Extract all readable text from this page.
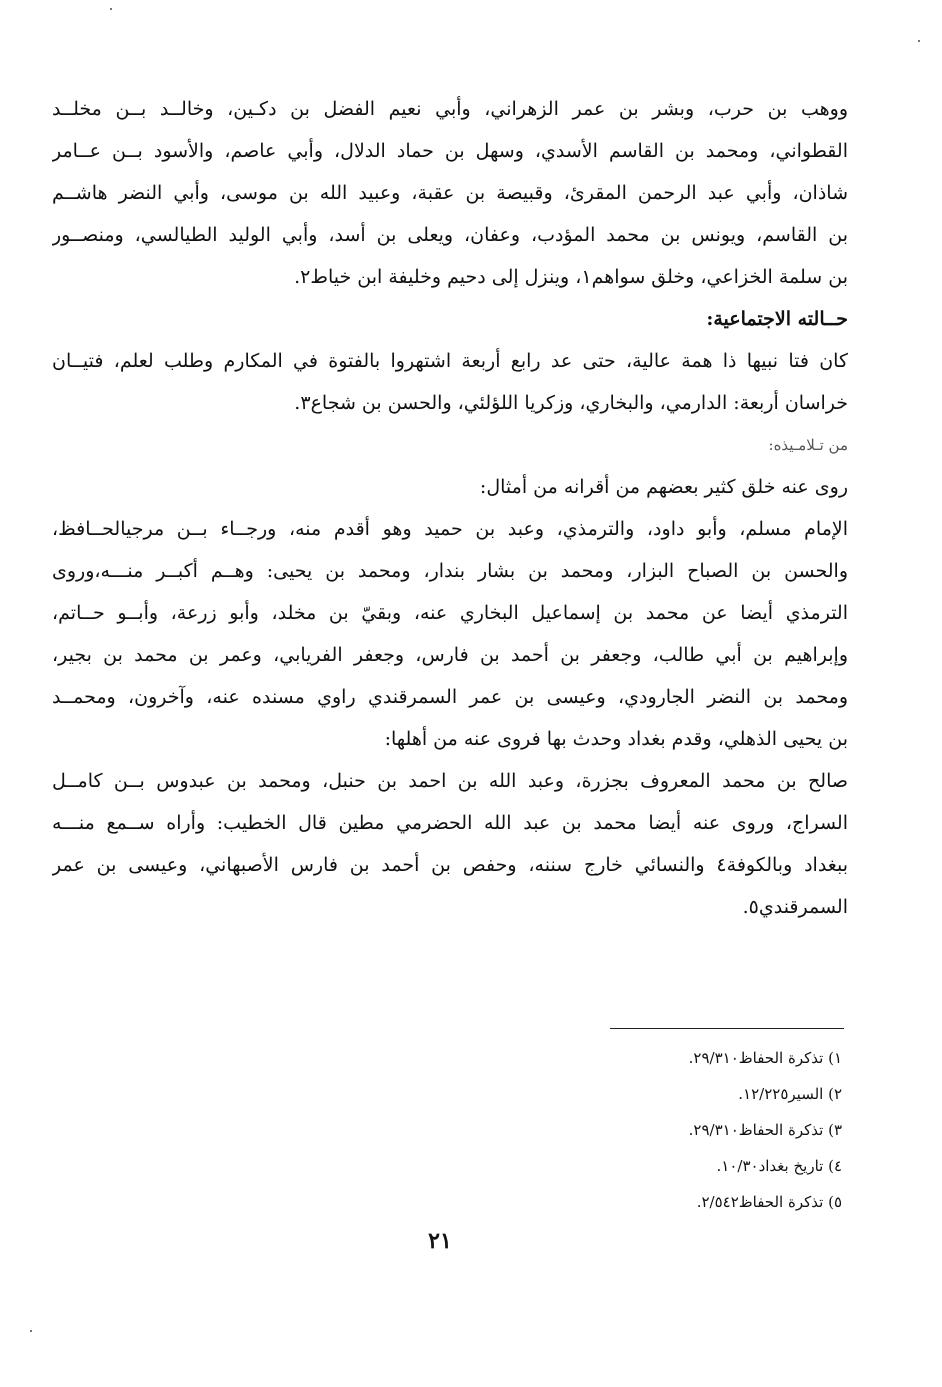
ووهب بن حرب، وبشر بن عمر الزهراني، وأبي نعيم الفضل بن دكـين، وخالــد بــن مخلــد
القطواني، ومحمد بن القاسم الأسدي، وسهل بن حماد الدلال، وأبي عاصم، والأسود بــن عــامر
شاذان، وأبي عبد الرحمن المقرئ، وقبيصة بن عقبة، وعبيد الله بن موسى، وأبي النضر هاشــم
بن القاسم، ويونس بن محمد المؤدب، وعفان، ويعلى بن أسد، وأبي الوليد الطيالسي، ومنصــور
بن سلمة الخزاعي، وخلق سواهم١، وينزل إلى دحيم وخليفة ابن خياط٢.
حــالته الاجتماعية:
كان فتا نبيها ذا همة عالية، حتى عد رابع أربعة اشتهروا بالفتوة في المكارم وطلب لعلم، فتيــان
خراسان أربعة: الدارمي، والبخاري، وزكريا اللؤلئي، والحسن بن شجاع٣.
من تـلامـيذه:
روى عنه خلق كثير بعضهم من أقرانه من أمثال:
الإمام مسلم، وأبو داود، والترمذي، وعبد بن حميد وهو أقدم منه، ورجــاء بــن مرجيالحــافظ،
والحسن بن الصباح البزار، ومحمد بن بشار بندار، ومحمد بن يحيى: وهــم أكبــر منـــه،وروى
الترمذي أيضا عن محمد بن إسماعيل البخاري عنه، وبقيّ بن مخلد، وأبو زرعة، وأبــو حــاتم،
وإبراهيم بن أبي طالب، وجعفر بن أحمد بن فارس، وجعفر الفريابي، وعمر بن محمد بن بجير،
ومحمد بن النضر الجارودي، وعيسى بن عمر السمرقندي راوي مسنده عنه، وآخرون، ومحمــد
بن يحيى الذهلي، وقدم بغداد وحدث بها فروى عنه من أهلها:
صالح بن محمد المعروف بجزرة، وعبد الله بن احمد بن حنبل، ومحمد بن عبدوس بــن كامــل
السراج، وروى عنه أيضا محمد بن عبد الله الحضرمي مطين قال الخطيب: وأراه ســمع منـــه
ببغداد وبالكوفة٤ والنسائي خارج سننه، وحفص بن أحمد بن فارس الأصبهاني، وعيسى بن عمر
السمرقندي٥.
١) تذكرة الحفاظ٢٩/٣١٠.
٢) السير١٢/٢٢٥.
٣) تذكرة الحفاظ٢٩/٣١٠.
٤) تاريخ بغداد١٠/٣٠.
٥) تذكرة الحفاظ٢/٥٤٢.
٢١
